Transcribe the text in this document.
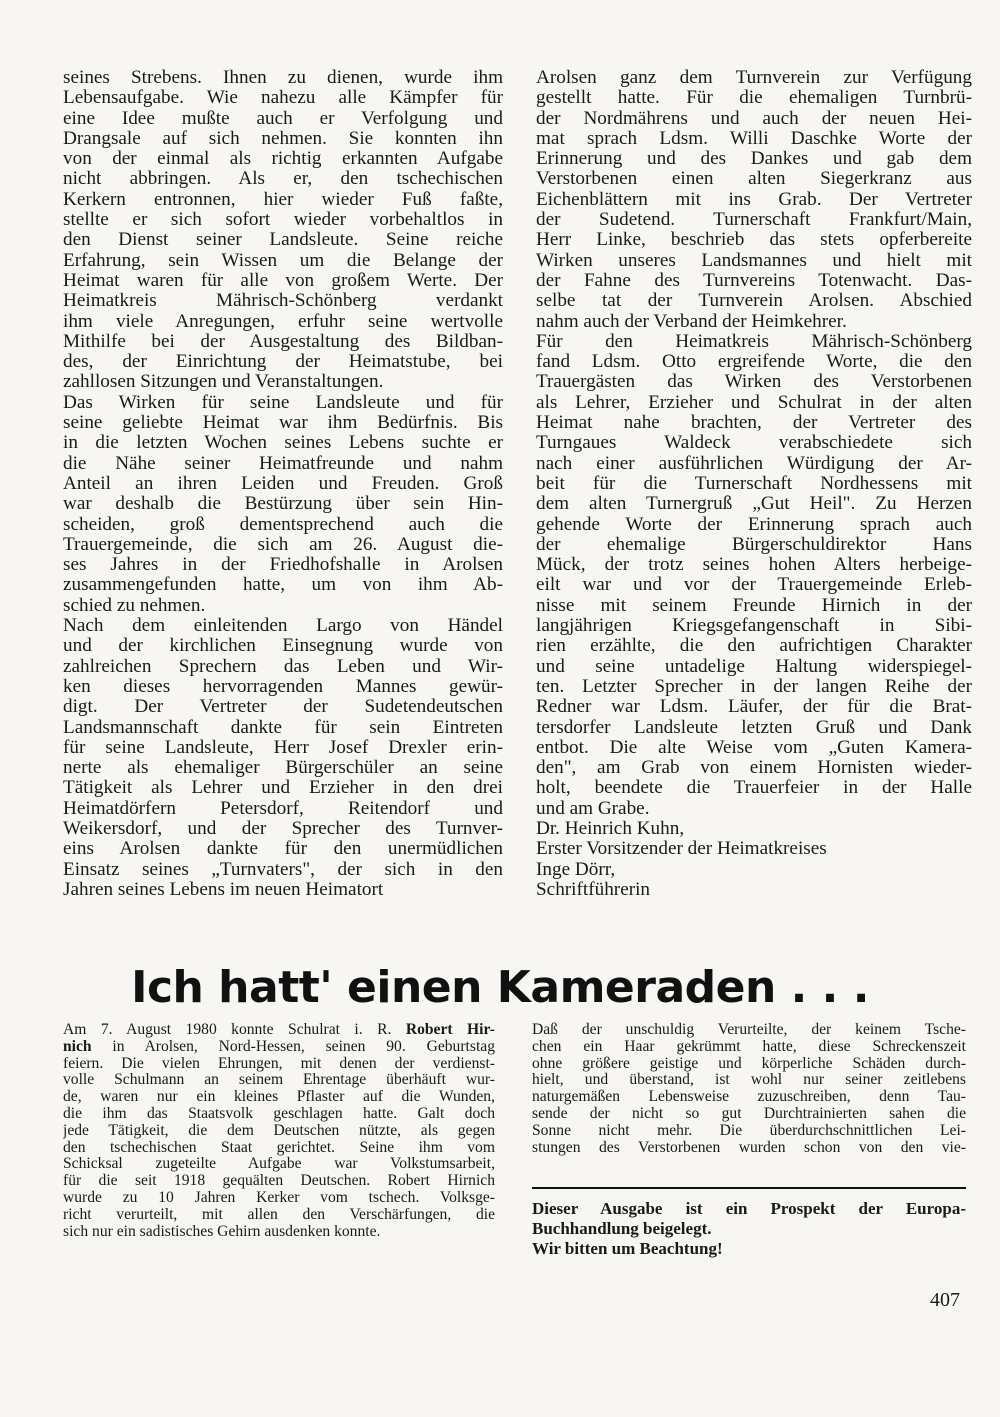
seines Strebens. Ihnen zu dienen, wurde ihm
Lebensaufgabe. Wie nahezu alle Kämpfer für
eine Idee mußte auch er Verfolgung und
Drangsale auf sich nehmen. Sie konnten ihn
von der einmal als richtig erkannten Aufgabe
nicht abbringen. Als er, den tschechischen
Kerkern entronnen, hier wieder Fuß faßte,
stellte er sich sofort wieder vorbehaltlos in
den Dienst seiner Landsleute. Seine reiche
Erfahrung, sein Wissen um die Belange der
Heimat waren für alle von großem Werte. Der
Heimatkreis Mährisch-Schönberg verdankt
ihm viele Anregungen, erfuhr seine wertvolle
Mithilfe bei der Ausgestaltung des Bildban-
des, der Einrichtung der Heimatstube, bei
zahllosen Sitzungen und Veranstaltungen.
Das Wirken für seine Landsleute und für
seine geliebte Heimat war ihm Bedürfnis. Bis
in die letzten Wochen seines Lebens suchte er
die Nähe seiner Heimatfreunde und nahm
Anteil an ihren Leiden und Freuden. Groß
war deshalb die Bestürzung über sein Hin-
scheiden, groß dementsprechend auch die
Trauergemeinde, die sich am 26. August die-
ses Jahres in der Friedhofshalle in Arolsen
zusammengefunden hatte, um von ihm Ab-
schied zu nehmen.
Nach dem einleitenden Largo von Händel
und der kirchlichen Einsegnung wurde von
zahlreichen Sprechern das Leben und Wir-
ken dieses hervorragenden Mannes gewür-
digt. Der Vertreter der Sudetendeutschen
Landsmannschaft dankte für sein Eintreten
für seine Landsleute, Herr Josef Drexler erin-
nerte als ehemaliger Bürgerschüler an seine
Tätigkeit als Lehrer und Erzieher in den drei
Heimatdörfern Petersdorf, Reitendorf und
Weikersdorf, und der Sprecher des Turnver-
eins Arolsen dankte für den unermüdlichen
Einsatz seines „Turnvaters", der sich in den
Jahren seines Lebens im neuen Heimatort
Arolsen ganz dem Turnverein zur Verfügung
gestellt hatte. Für die ehemaligen Turnbrü-
der Nordmährens und auch der neuen Hei-
mat sprach Ldsm. Willi Daschke Worte der
Erinnerung und des Dankes und gab dem
Verstorbenen einen alten Siegerkranz aus
Eichenblättern mit ins Grab. Der Vertreter
der Sudetend. Turnerschaft Frankfurt/Main,
Herr Linke, beschrieb das stets opferbereite
Wirken unseres Landsmannes und hielt mit
der Fahne des Turnvereins Totenwacht. Das-
selbe tat der Turnverein Arolsen. Abschied
nahm auch der Verband der Heimkehrer.
Für den Heimatkreis Mährisch-Schönberg
fand Ldsm. Otto ergreifende Worte, die den
Trauergästen das Wirken des Verstorbenen
als Lehrer, Erzieher und Schulrat in der alten
Heimat nahe brachten, der Vertreter des
Turngaues Waldeck verabschiedete sich
nach einer ausführlichen Würdigung der Ar-
beit für die Turnerschaft Nordhessens mit
dem alten Turnergruß „Gut Heil". Zu Herzen
gehende Worte der Erinnerung sprach auch
der ehemalige Bürgerschuldirektor Hans
Mück, der trotz seines hohen Alters herbeige-
eilt war und vor der Trauergemeinde Erleb-
nisse mit seinem Freunde Hirnich in der
langjährigen Kriegsgefangenschaft in Sibi-
rien erzählte, die den aufrichtigen Charakter
und seine untadelige Haltung widerspiegel-
ten. Letzter Sprecher in der langen Reihe der
Redner war Ldsm. Läufer, der für die Brat-
tersdorfer Landsleute letzten Gruß und Dank
entbot. Die alte Weise vom „Guten Kamera-
den", am Grab von einem Hornisten wieder-
holt, beendete die Trauerfeier in der Halle
und am Grabe.
Dr. Heinrich Kuhn,
Erster Vorsitzender der Heimatkreises
Inge Dörr,
Schriftführerin
Ich hatt' einen Kameraden . . .
Am 7. August 1980 konnte Schulrat i. R. Robert Hir-
nich in Arolsen, Nord-Hessen, seinen 90. Geburtstag
feiern. Die vielen Ehrungen, mit denen der verdienst-
volle Schulmann an seinem Ehrentage überhäuft wur-
de, waren nur ein kleines Pflaster auf die Wunden,
die ihm das Staatsvolk geschlagen hatte. Galt doch
jede Tätigkeit, die dem Deutschen nützte, als gegen
den tschechischen Staat gerichtet. Seine ihm vom
Schicksal zugeteilte Aufgabe war Volkstumsarbeit,
für die seit 1918 gequälten Deutschen. Robert Hirnich
wurde zu 10 Jahren Kerker vom tschech. Volksge-
richt verurteilt, mit allen den Verschärfungen, die
sich nur ein sadistisches Gehirn ausdenken konnte.
Daß der unschuldig Verurteilte, der keinem Tsche-
chen ein Haar gekrümmt hatte, diese Schreckenszeit
ohne größere geistige und körperliche Schäden durch-
hielt, und überstand, ist wohl nur seiner zeitlebens
naturgemäßen Lebensweise zuzuschreiben, denn Tau-
sende der nicht so gut Durchtrainierten sahen die
Sonne nicht mehr. Die überdurchschnittlichen Lei-
stungen des Verstorbenen wurden schon von den vie-
Dieser Ausgabe ist ein Prospekt der Europa-
Buchhandlung beigelegt.
Wir bitten um Beachtung!
407
